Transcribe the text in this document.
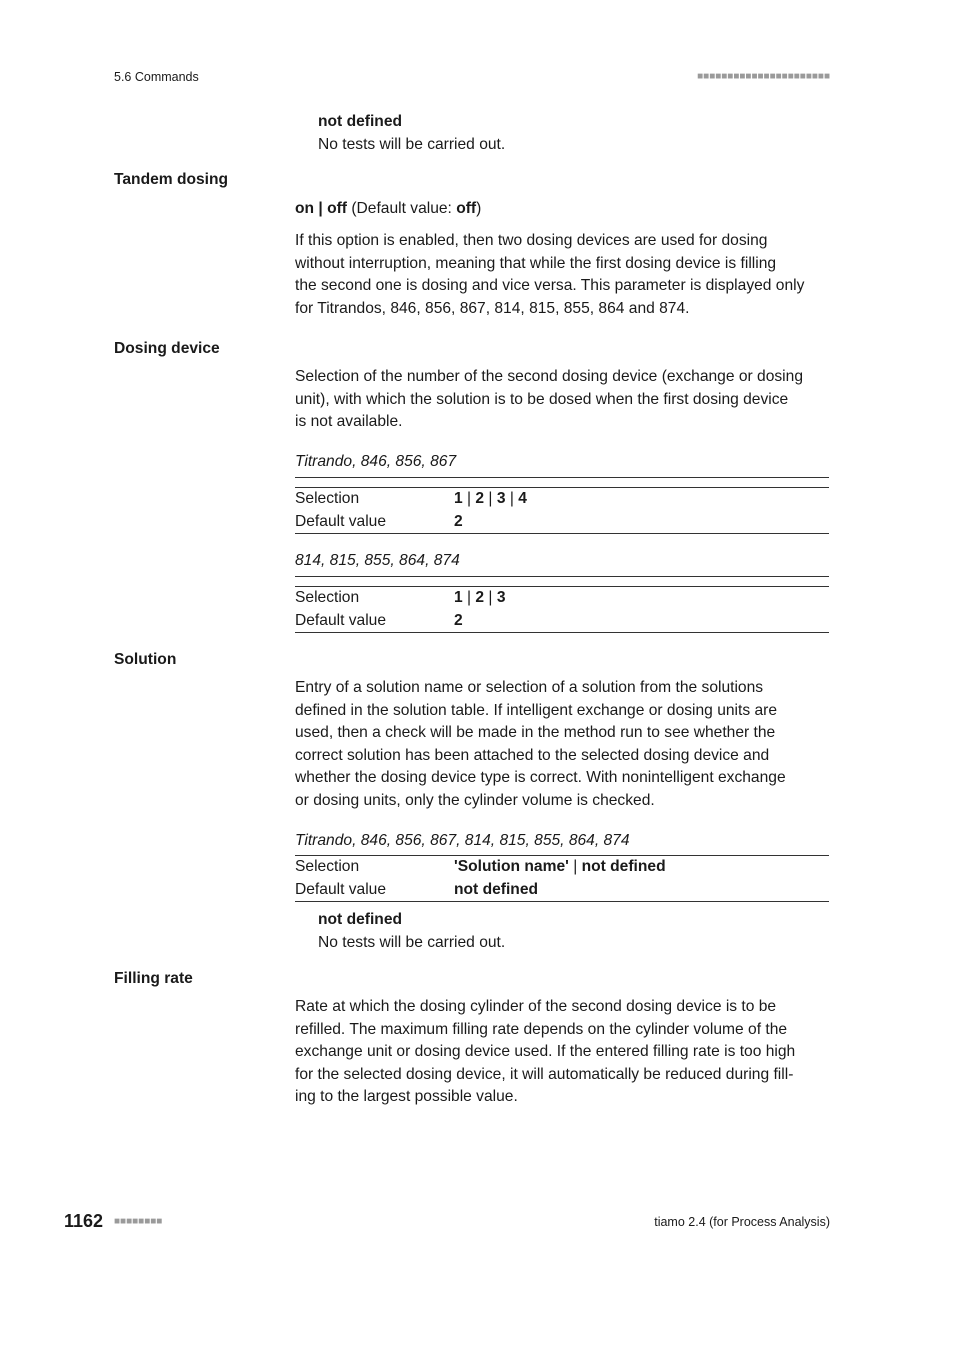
5.6 Commands	■■■■■■■■■■■■■■■■■■■■■■
not defined
No tests will be carried out.
Tandem dosing
on | off (Default value: off)
If this option is enabled, then two dosing devices are used for dosing
without interruption, meaning that while the first dosing device is filling
the second one is dosing and vice versa. This parameter is displayed only
for Titrandos, 846, 856, 867, 814, 815, 855, 864 and 874.
Dosing device
Selection of the number of the second dosing device (exchange or dosing
unit), with which the solution is to be dosed when the first dosing device
is not available.
Titrando, 846, 856, 867
Selection	1 | 2 | 3 | 4
Default value	2
814, 815, 855, 864, 874
Selection	1 | 2 | 3
Default value	2
Solution
Entry of a solution name or selection of a solution from the solutions
defined in the solution table. If intelligent exchange or dosing units are
used, then a check will be made in the method run to see whether the
correct solution has been attached to the selected dosing device and
whether the dosing device type is correct. With nonintelligent exchange
or dosing units, only the cylinder volume is checked.
Titrando, 846, 856, 867, 814, 815, 855, 864, 874
Selection	'Solution name' | not defined
Default value	not defined
not defined
No tests will be carried out.
Filling rate
Rate at which the dosing cylinder of the second dosing device is to be
refilled. The maximum filling rate depends on the cylinder volume of the
exchange unit or dosing device used. If the entered filling rate is too high
for the selected dosing device, it will automatically be reduced during fill-
ing to the largest possible value.
1162 ■■■■■■■■	tiamo 2.4 (for Process Analysis)
